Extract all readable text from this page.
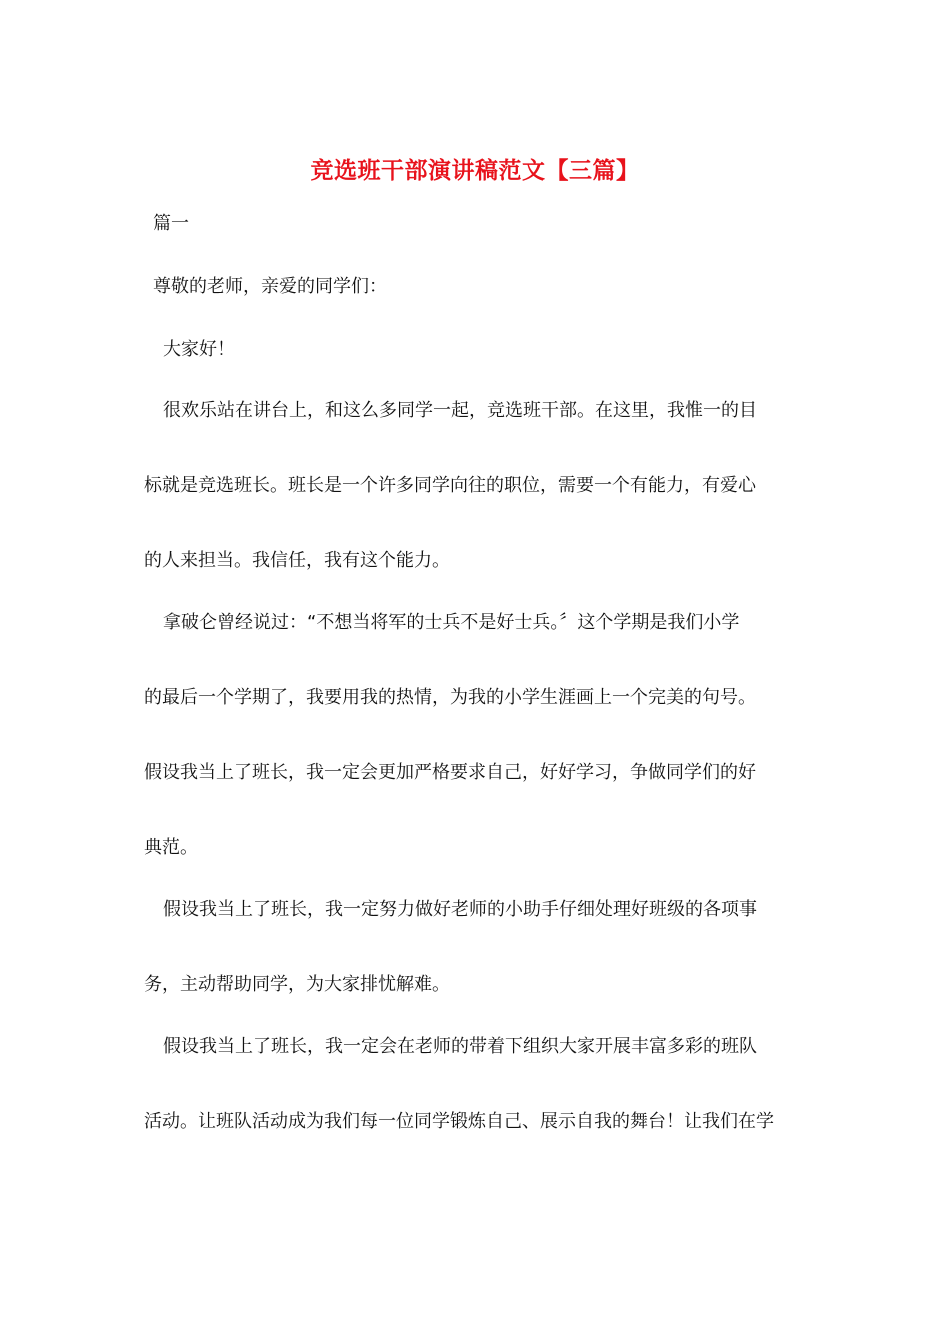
竞选班干部演讲稿范文【三篇】
篇一
尊敬的老师，亲爱的同学们：
大家好！
很欢乐站在讲台上，和这么多同学一起，竞选班干部。在这里，我惟一的目
标就是竞选班长。班长是一个许多同学向往的职位，需要一个有能力，有爱心
的人来担当。我信任，我有这个能力。
拿破仑曾经说过：“不想当将军的士兵不是好士兵。〞这个学期是我们小学
的最后一个学期了，我要用我的热情，为我的小学生涯画上一个完美的句号。
假设我当上了班长，我一定会更加严格要求自己，好好学习，争做同学们的好
典范。
假设我当上了班长，我一定努力做好老师的小助手仔细处理好班级的各项事
务，主动帮助同学，为大家排忧解难。
假设我当上了班长，我一定会在老师的带着下组织大家开展丰富多彩的班队
活动。让班队活动成为我们每一位同学锻炼自己、展示自我的舞台！让我们在学
